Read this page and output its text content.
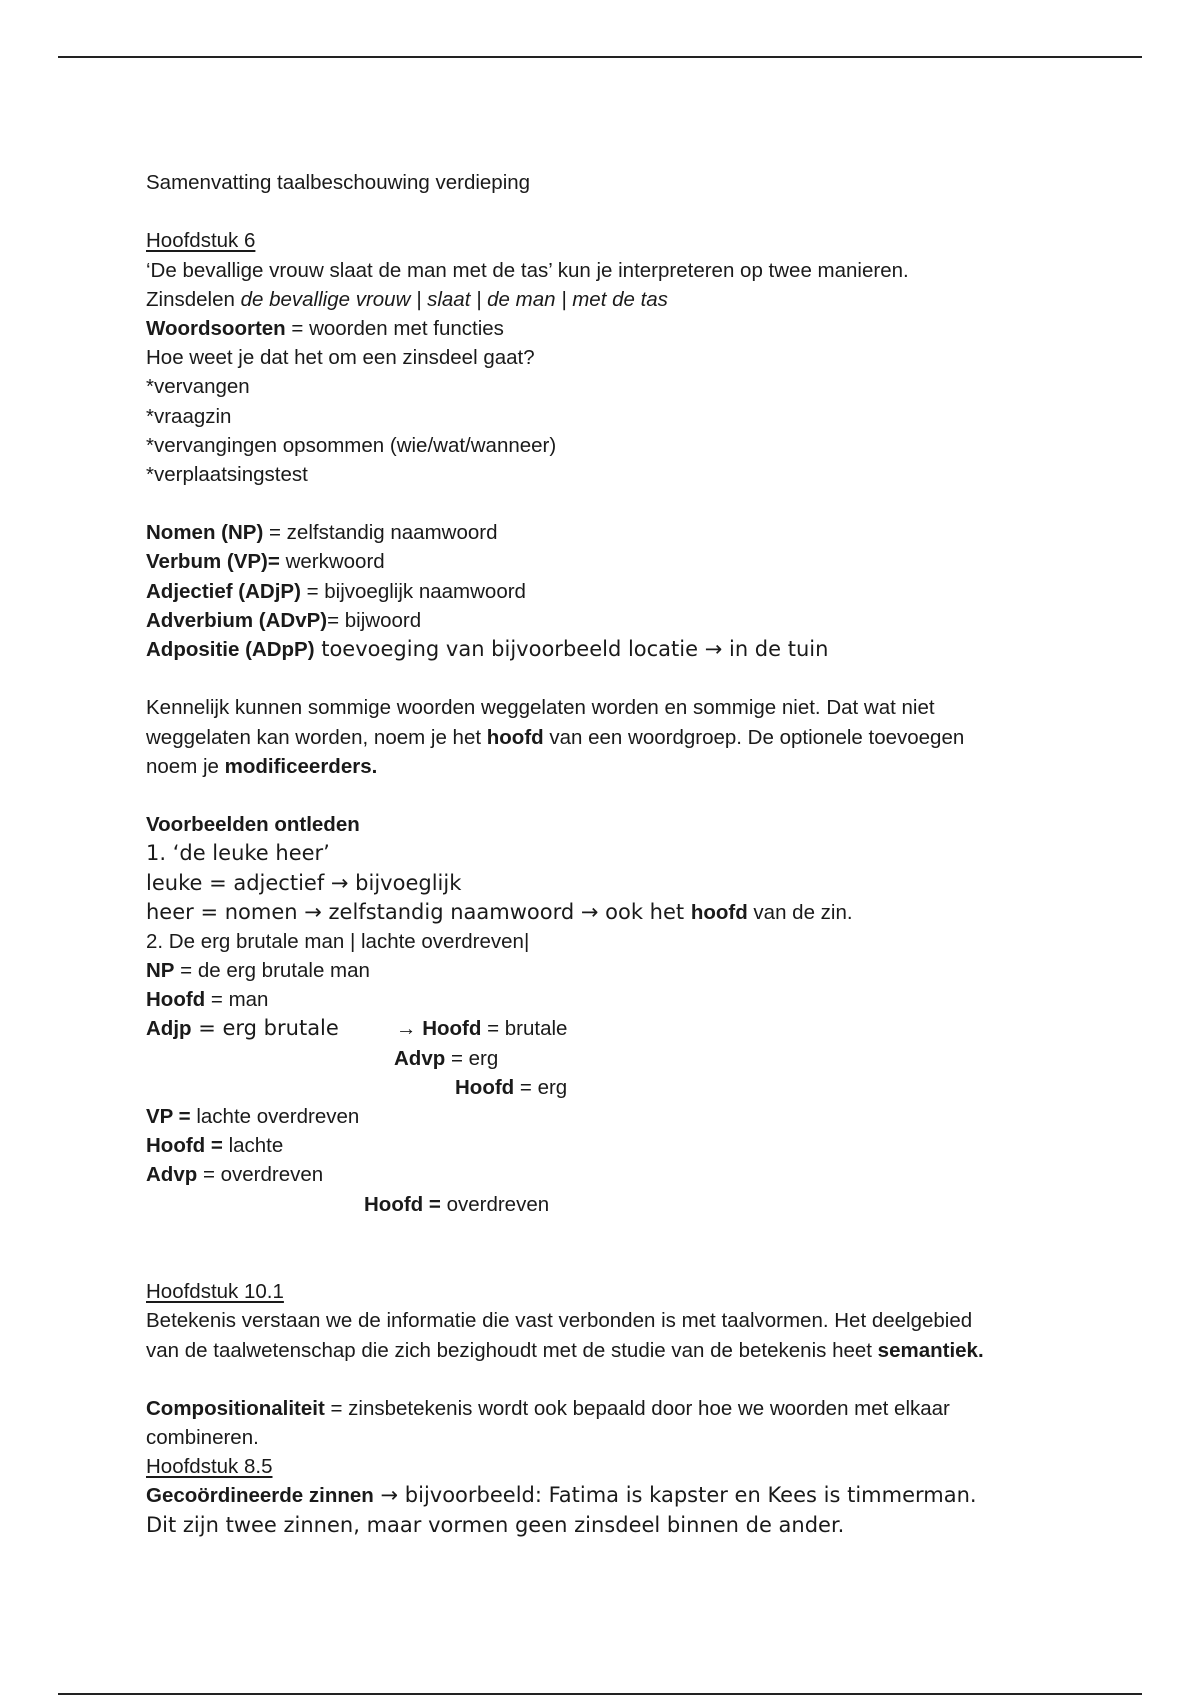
Samenvatting taalbeschouwing verdieping
Hoofdstuk 6
‘De bevallige vrouw slaat de man met de tas’ kun je interpreteren op twee manieren.
Zinsdelen de bevallige vrouw | slaat | de man | met de tas
Woordsoorten = woorden met functies
Hoe weet je dat het om een zinsdeel gaat?
*vervangen
*vraagzin
*vervangingen opsommen (wie/wat/wanneer)
*verplaatsingstest
Nomen (NP) = zelfstandig naamwoord
Verbum (VP)= werkwoord
Adjectief (ADjP) = bijvoeglijk naamwoord
Adverbium (ADvP)= bijwoord
Adpositie (ADpP) toevoeging van bijvoorbeeld locatie → in de tuin
Kennelijk kunnen sommige woorden weggelaten worden en sommige niet. Dat wat niet
weggelaten kan worden, noem je het hoofd van een woordgroep. De optionele toevoegen
noem je modificeerders.
Voorbeelden ontleden
1. ‘de leuke heer’
leuke = adjectief → bijvoeglijk
heer = nomen → zelfstandig naamwoord → ook het hoofd van de zin.
2. De erg brutale man | lachte overdreven|
NP = de erg brutale man
Hoofd = man
Adjp = erg brutale	→ Hoofd = brutale
Advp = erg
Hoofd = erg
VP = lachte overdreven
Hoofd = lachte
Advp = overdreven
Hoofd = overdreven
Hoofdstuk 10.1
Betekenis verstaan we de informatie die vast verbonden is met taalvormen. Het deelgebied
van de taalwetenschap die zich bezighoudt met de studie van de betekenis heet semantiek.
Compositionaliteit = zinsbetekenis wordt ook bepaald door hoe we woorden met elkaar
combineren.
Hoofdstuk 8.5
Gecoördineerde zinnen → bijvoorbeeld: Fatima is kapster en Kees is timmerman.
Dit zijn twee zinnen, maar vormen geen zinsdeel binnen de ander.
